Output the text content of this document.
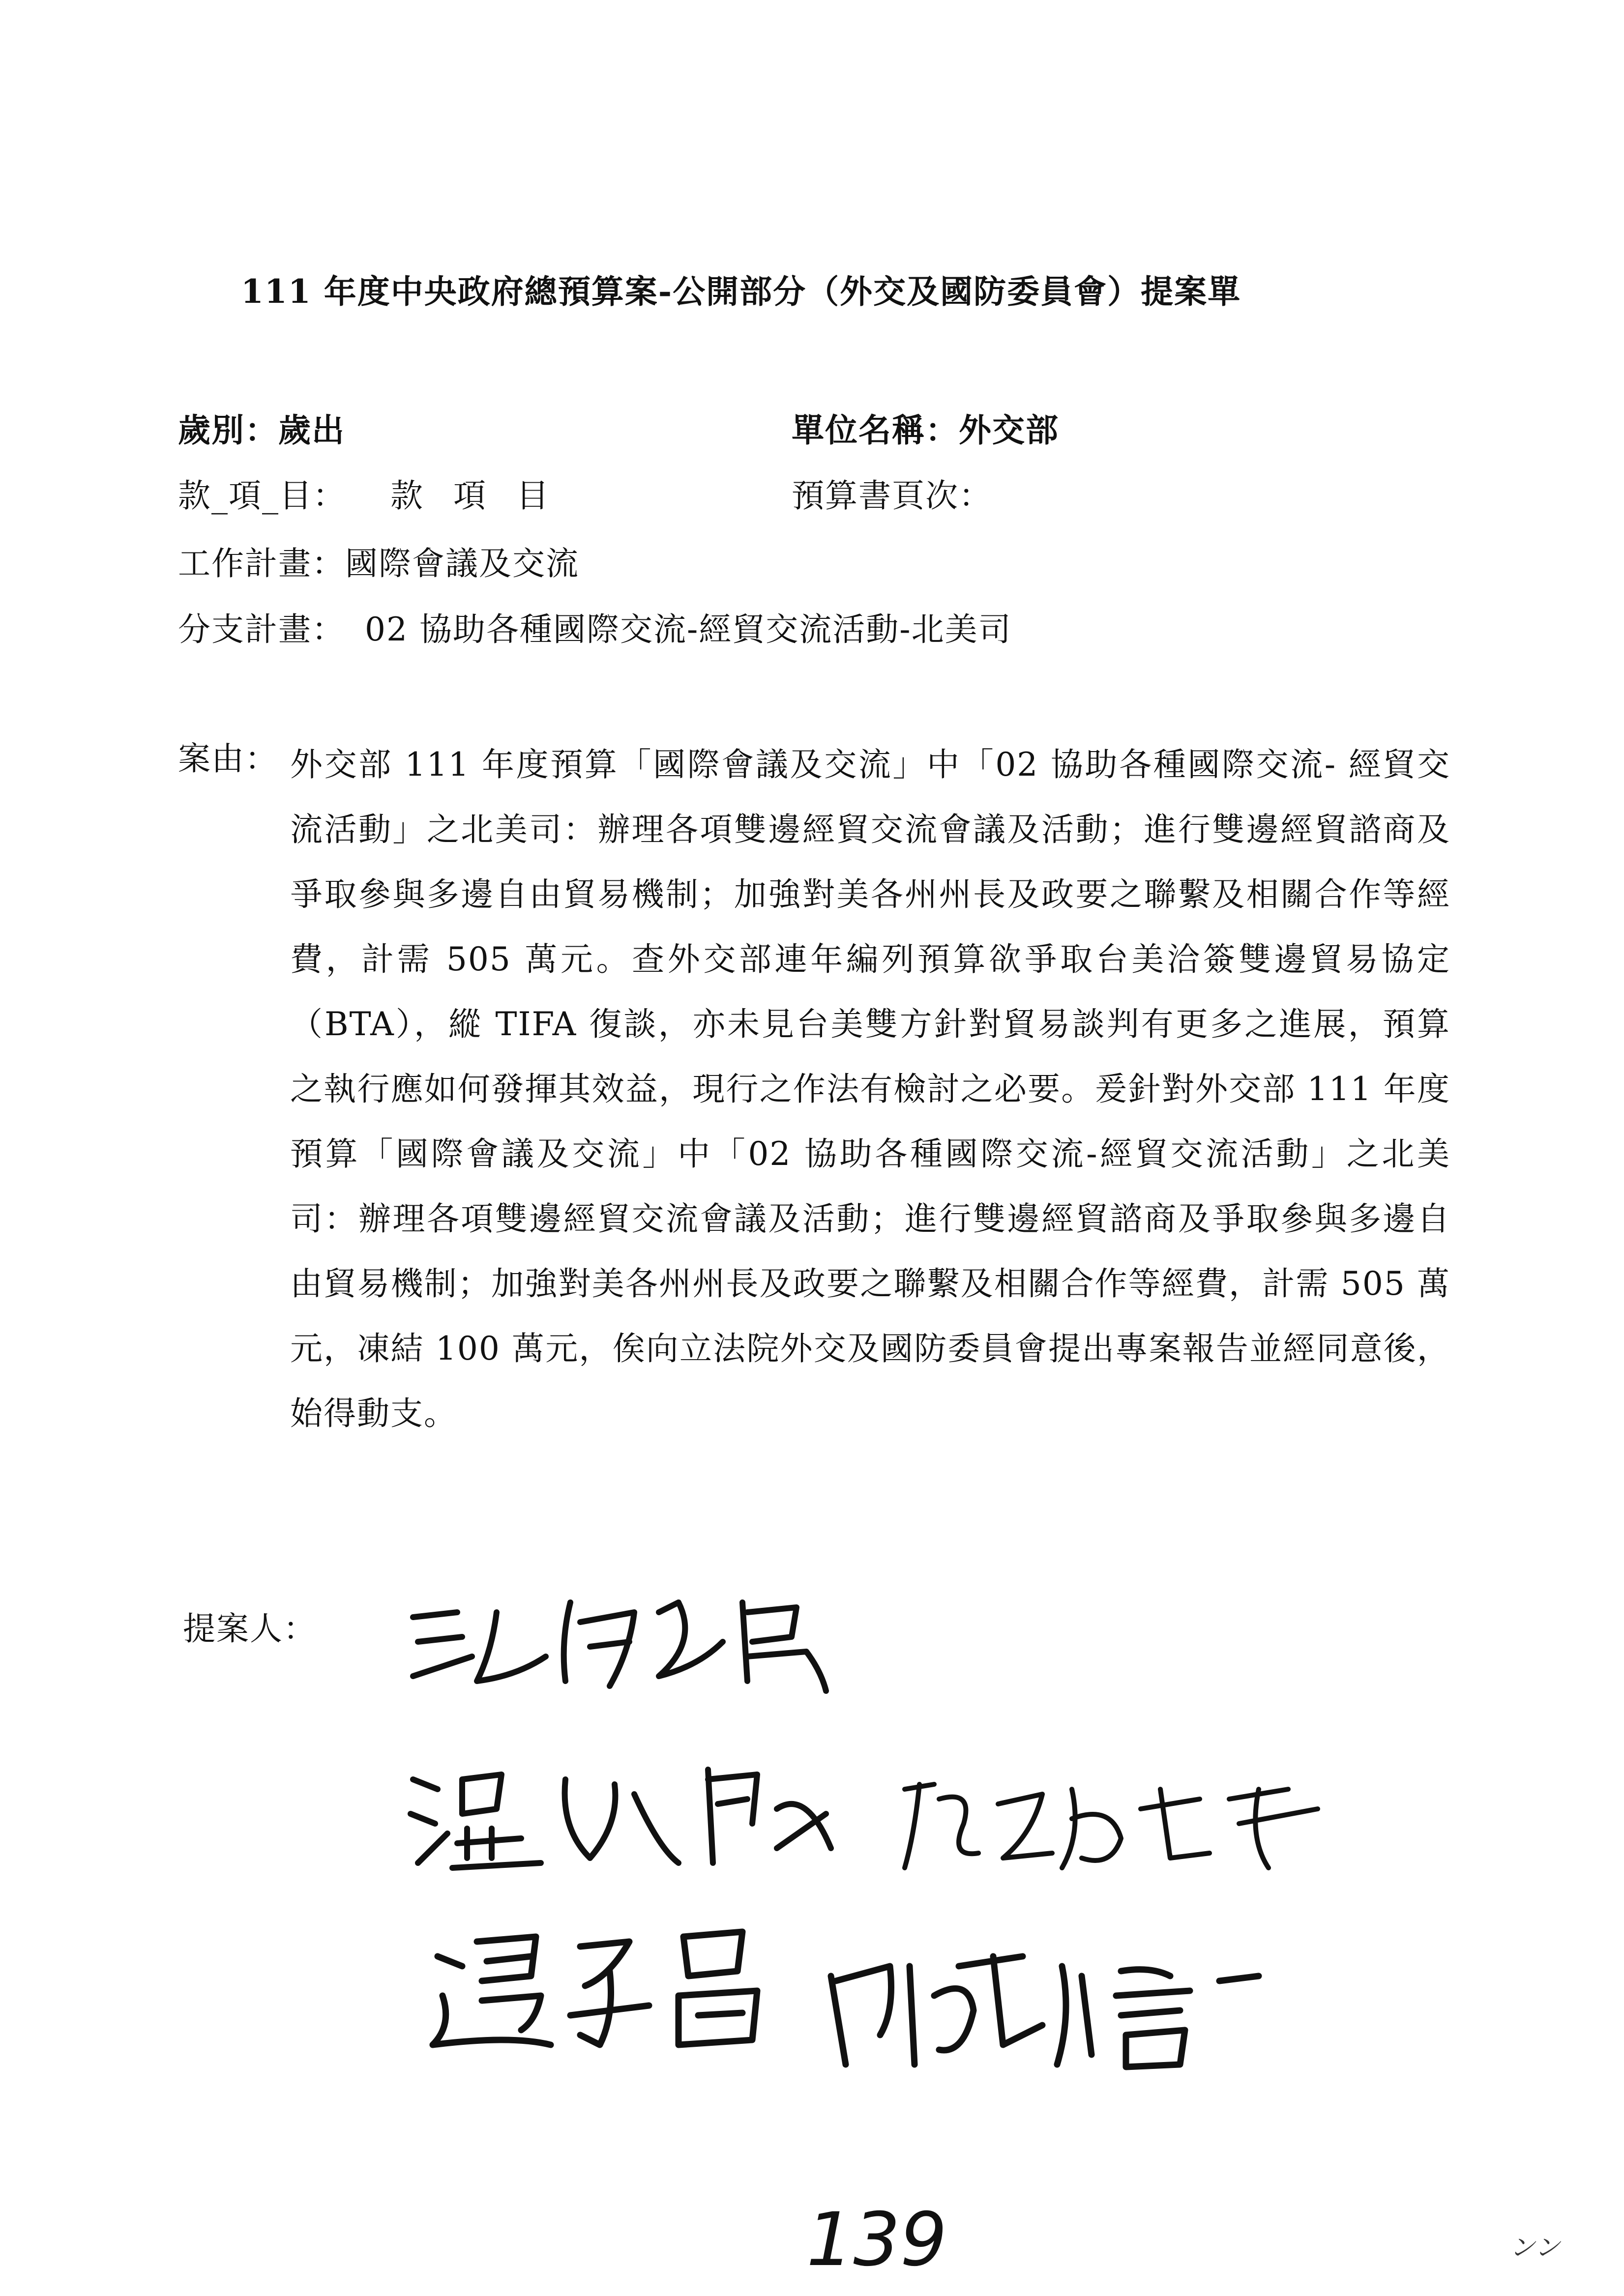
111 年度中央政府總預算案-公開部分（外交及國防委員會）提案單
歲別：歲出	單位名稱：外交部
款_項_目： 款 項 目	預算書頁次：
工作計畫：國際會議及交流
分支計畫： 02 協助各種國際交流-經貿交流活動-北美司
案由： 外交部 111 年度預算「國際會議及交流」中「02 協助各種國際交流- 經貿交流活動」之北美司：辦理各項雙邊經貿交流會議及活動；進行雙邊經貿諮商及爭取參與多邊自由貿易機制；加強對美各州州長及政要之聯繫及相關合作等經費，計需 505 萬元。查外交部連年編列預算欲爭取台美洽簽雙邊貿易協定（BTA），縱 TIFA 復談，亦未見台美雙方針對貿易談判有更多之進展，預算之執行應如何發揮其效益，現行之作法有檢討之必要。爰針對外交部 111 年度預算「國際會議及交流」中「02 協助各種國際交流-經貿交流活動」之北美司：辦理各項雙邊經貿交流會議及活動；進行雙邊經貿諮商及爭取參與多邊自由貿易機制；加強對美各州州長及政要之聯繫及相關合作等經費，計需 505 萬元，凍結 100 萬元，俟向立法院外交及國防委員會提出專案報告並經同意後，始得動支。
提案人：
139	ンン
